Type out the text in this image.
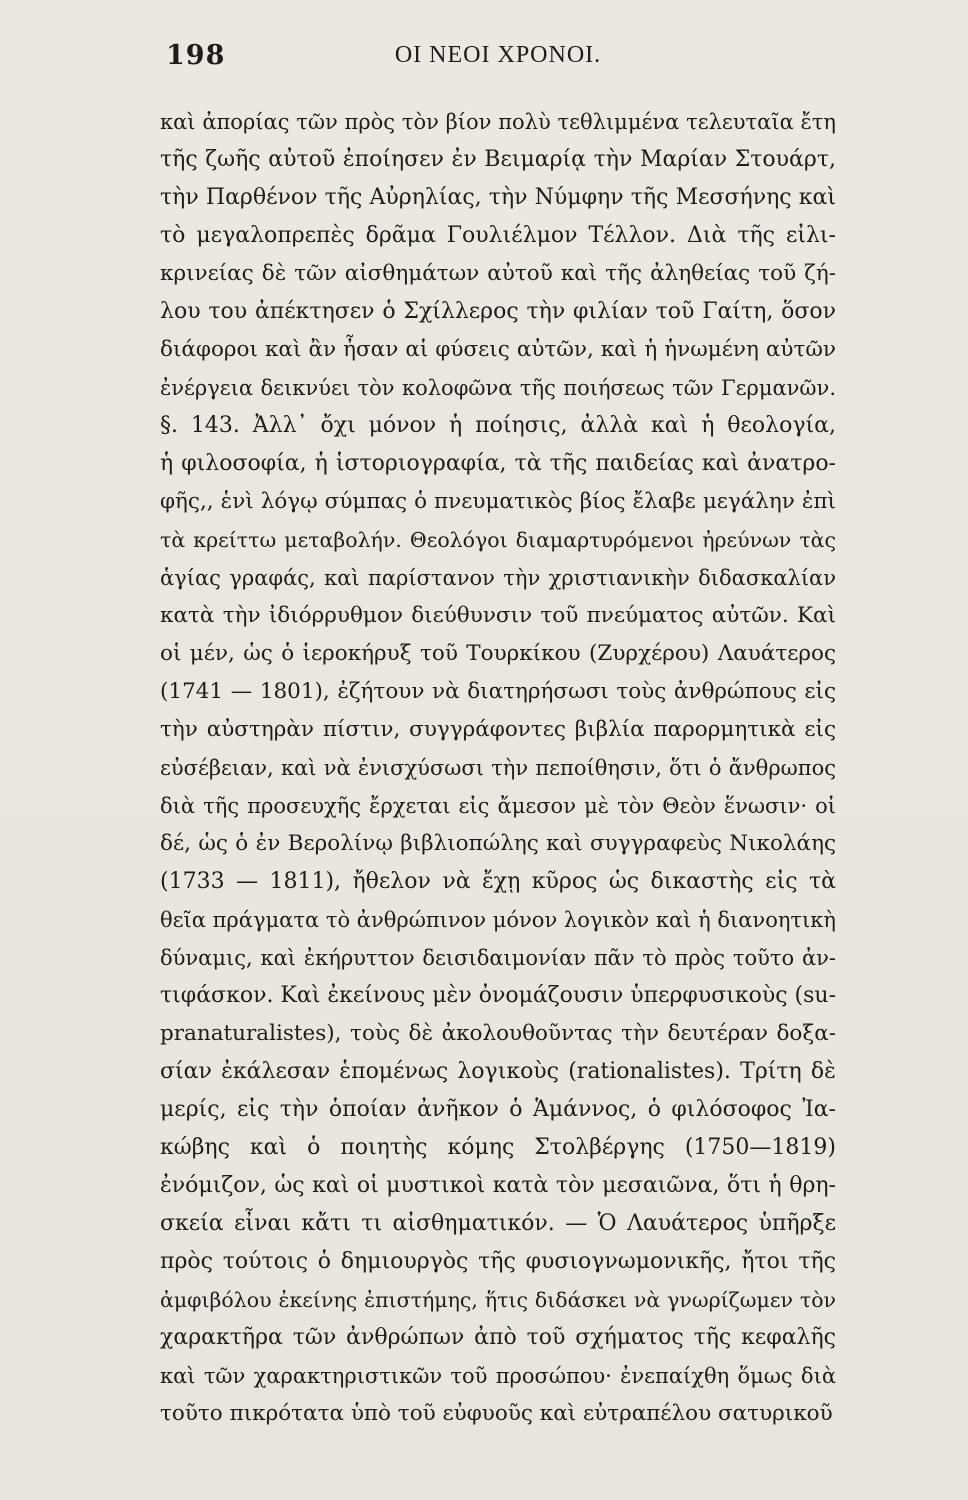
198	ΟΙ ΝΕΟΙ ΧΡΟΝΟΙ.
καὶ ἀπορίας τῶν πρὸς τὸν βίον πολὺ τεθλιμμένα τελευταῖα ἔτη
τῆς ζωῆς αὐτοῦ ἐποίησεν ἐν Βειμαρίᾳ τὴν Μαρίαν Στουάρτ,
τὴν Παρθένον τῆς Αὐρηλίας, τὴν Νύμφην τῆς Μεσσήνης καὶ
τὸ μεγαλοπρεπὲς δρᾶμα Γουλιέλμον Τέλλον. Διὰ τῆς εἰλι-
κρινείας δὲ τῶν αἰσθημάτων αὐτοῦ καὶ τῆς ἀληθείας τοῦ ζή-
λου του ἀπέκτησεν ὁ Σχίλλερος τὴν φιλίαν τοῦ Γαίτη, ὅσον
διάφοροι καὶ ἂν ἦσαν αἱ φύσεις αὐτῶν, καὶ ἡ ἡνωμένη αὐτῶν
ἐνέργεια δεικνύει τὸν κολοφῶνα τῆς ποιήσεως τῶν Γερμανῶν.
§. 143. Ἀλλ᾽ ὄχι μόνον ἡ ποίησις, ἀλλὰ καὶ ἡ θεολογία,
ἡ φιλοσοφία, ἡ ἱστοριογραφία, τὰ τῆς παιδείας καὶ ἀνατρο-
φῆς,, ἑνὶ λόγῳ σύμπας ὁ πνευματικὸς βίος ἔλαβε μεγάλην ἐπὶ
τὰ κρείττω μεταβολήν. Θεολόγοι διαμαρτυρόμενοι ἠρεύνων τὰς
ἁγίας γραφάς, καὶ παρίστανον τὴν χριστιανικὴν διδασκαλίαν
κατὰ τὴν ἰδιόρρυθμον διεύθυνσιν τοῦ πνεύματος αὐτῶν. Καὶ
οἱ μέν, ὡς ὁ ἱεροκήρυξ τοῦ Τουρκίκου (Ζυρχέρου) Λαυάτερος
(1741 — 1801), ἐζήτουν νὰ διατηρήσωσι τοὺς ἀνθρώπους εἰς
τὴν αὐστηρὰν πίστιν, συγγράφοντες βιβλία παρορμητικὰ εἰς
εὐσέβειαν, καὶ νὰ ἐνισχύσωσι τὴν πεποίθησιν, ὅτι ὁ ἄνθρωπος
διὰ τῆς προσευχῆς ἔρχεται εἰς ἄμεσον μὲ τὸν Θεὸν ἕνωσιν· οἱ
δέ, ὡς ὁ ἐν Βερολίνῳ βιβλιοπώλης καὶ συγγραφεὺς Νικολάης
(1733 — 1811), ἤθελον νὰ ἔχῃ κῦρος ὡς δικαστὴς εἰς τὰ
θεῖα πράγματα τὸ ἀνθρώπινον μόνον λογικὸν καὶ ἡ διανοητικὴ
δύναμις, καὶ ἐκήρυττον δεισιδαιμονίαν πᾶν τὸ πρὸς τοῦτο ἀν-
τιφάσκον. Καὶ ἐκείνους μὲν ὀνομάζουσιν ὑπερφυσικοὺς (su-
pranaturalistes), τοὺς δὲ ἀκολουθοῦντας τὴν δευτέραν δοξα-
σίαν ἐκάλεσαν ἑπομένως λογικοὺς (rationalistes). Τρίτη δὲ
μερίς, εἰς τὴν ὁποίαν ἀνῆκον ὁ Ἁμάννος, ὁ φιλόσοφος Ἰα-
κώβης καὶ ὁ ποιητὴς κόμης Στολβέργης (1750—1819)
ἐνόμιζον, ὡς καὶ οἱ μυστικοὶ κατὰ τὸν μεσαιῶνα, ὅτι ἡ θρη-
σκεία εἶναι κἄτι τι αἰσθηματικόν. — Ὁ Λαυάτερος ὑπῆρξε
πρὸς τούτοις ὁ δημιουργὸς τῆς φυσιογνωμονικῆς, ἤτοι τῆς
ἀμφιβόλου ἐκείνης ἐπιστήμης, ἥτις διδάσκει νὰ γνωρίζωμεν τὸν
χαρακτῆρα τῶν ἀνθρώπων ἀπὸ τοῦ σχήματος τῆς κεφαλῆς
καὶ τῶν χαρακτηριστικῶν τοῦ προσώπου· ἐνεπαίχθη ὅμως διὰ
τοῦτο πικρότατα ὑπὸ τοῦ εὐφυοῦς καὶ εὐτραπέλου σατυρικοῦ
